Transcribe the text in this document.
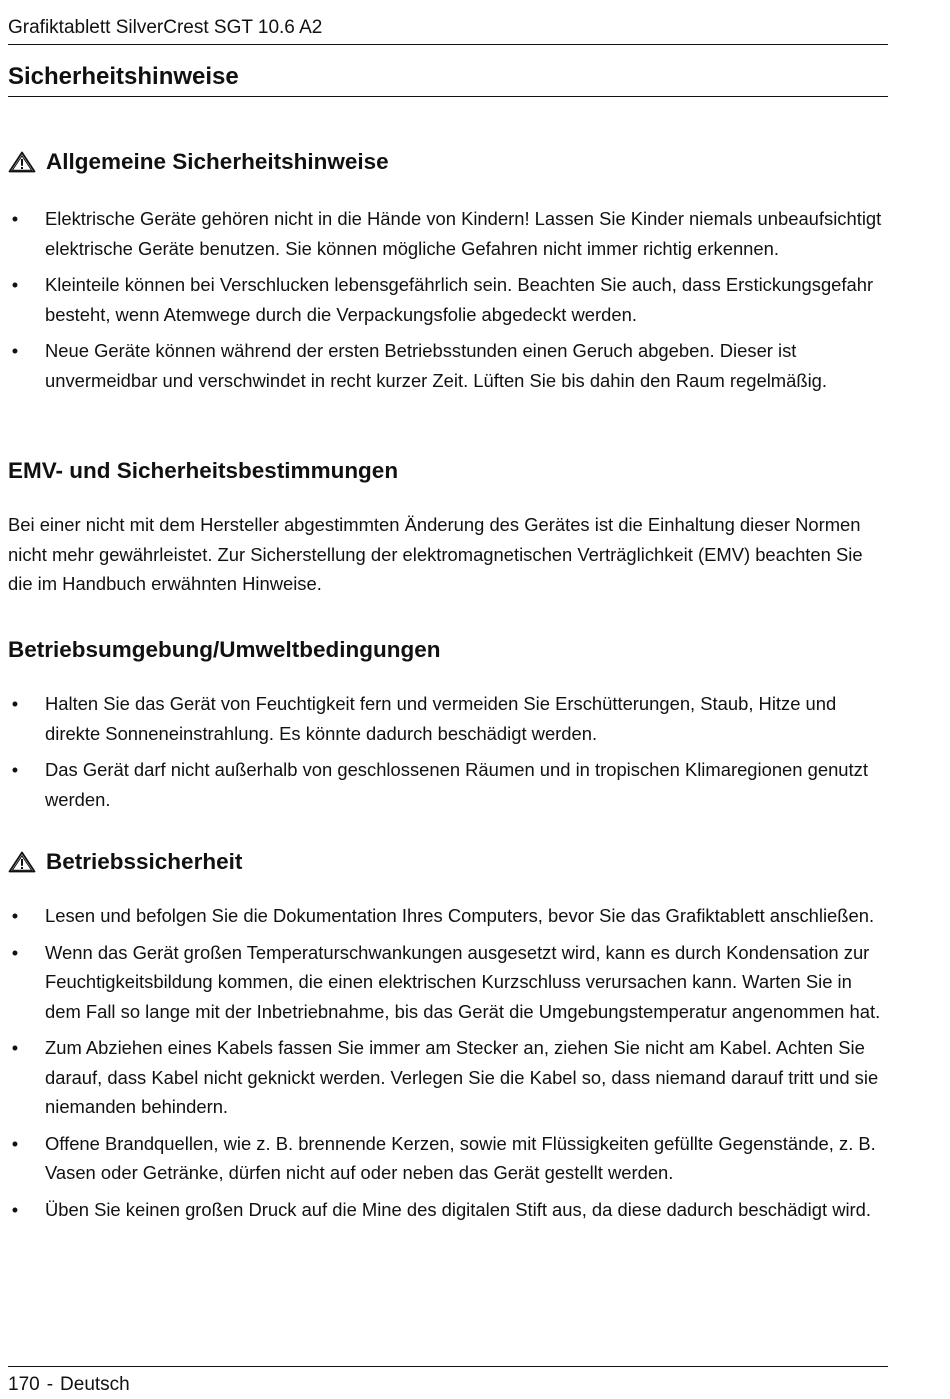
Grafiktablett SilverCrest SGT 10.6 A2
Sicherheitshinweise
Allgemeine Sicherheitshinweise
• Elektrische Geräte gehören nicht in die Hände von Kindern! Lassen Sie Kinder niemals unbeaufsichtigt elektrische Geräte benutzen. Sie können mögliche Gefahren nicht immer richtig erkennen.
• Kleinteile können bei Verschlucken lebensgefährlich sein. Beachten Sie auch, dass Erstickungsgefahr besteht, wenn Atemwege durch die Verpackungsfolie abgedeckt werden.
• Neue Geräte können während der ersten Betriebsstunden einen Geruch abgeben. Dieser ist unvermeidbar und verschwindet in recht kurzer Zeit. Lüften Sie bis dahin den Raum regelmäßig.
EMV- und Sicherheitsbestimmungen

Bei einer nicht mit dem Hersteller abgestimmten Änderung des Gerätes ist die Einhaltung dieser Normen nicht mehr gewährleistet. Zur Sicherstellung der elektromagnetischen Verträglichkeit (EMV) beachten Sie die im Handbuch erwähnten Hinweise.

Betriebsumgebung/Umweltbedingungen
• Halten Sie das Gerät von Feuchtigkeit fern und vermeiden Sie Erschütterungen, Staub, Hitze und direkte Sonneneinstrahlung. Es könnte dadurch beschädigt werden.
• Das Gerät darf nicht außerhalb von geschlossenen Räumen und in tropischen Klimaregionen genutzt werden.
Betriebssicherheit
• Lesen und befolgen Sie die Dokumentation Ihres Computers, bevor Sie das Grafiktablett anschließen.
• Wenn das Gerät großen Temperaturschwankungen ausgesetzt wird, kann es durch Kondensation zur Feuchtigkeitsbildung kommen, die einen elektrischen Kurzschluss verursachen kann. Warten Sie in dem Fall so lange mit der Inbetriebnahme, bis das Gerät die Umgebungstemperatur angenommen hat.
• Zum Abziehen eines Kabels fassen Sie immer am Stecker an, ziehen Sie nicht am Kabel. Achten Sie darauf, dass Kabel nicht geknickt werden. Verlegen Sie die Kabel so, dass niemand darauf tritt und sie niemanden behindern.
• Offene Brandquellen, wie z. B. brennende Kerzen, sowie mit Flüssigkeiten gefüllte Gegenstände, z. B. Vasen oder Getränke, dürfen nicht auf oder neben das Gerät gestellt werden.
• Üben Sie keinen großen Druck auf die Mine des digitalen Stift aus, da diese dadurch beschädigt wird.
170 - Deutsch
